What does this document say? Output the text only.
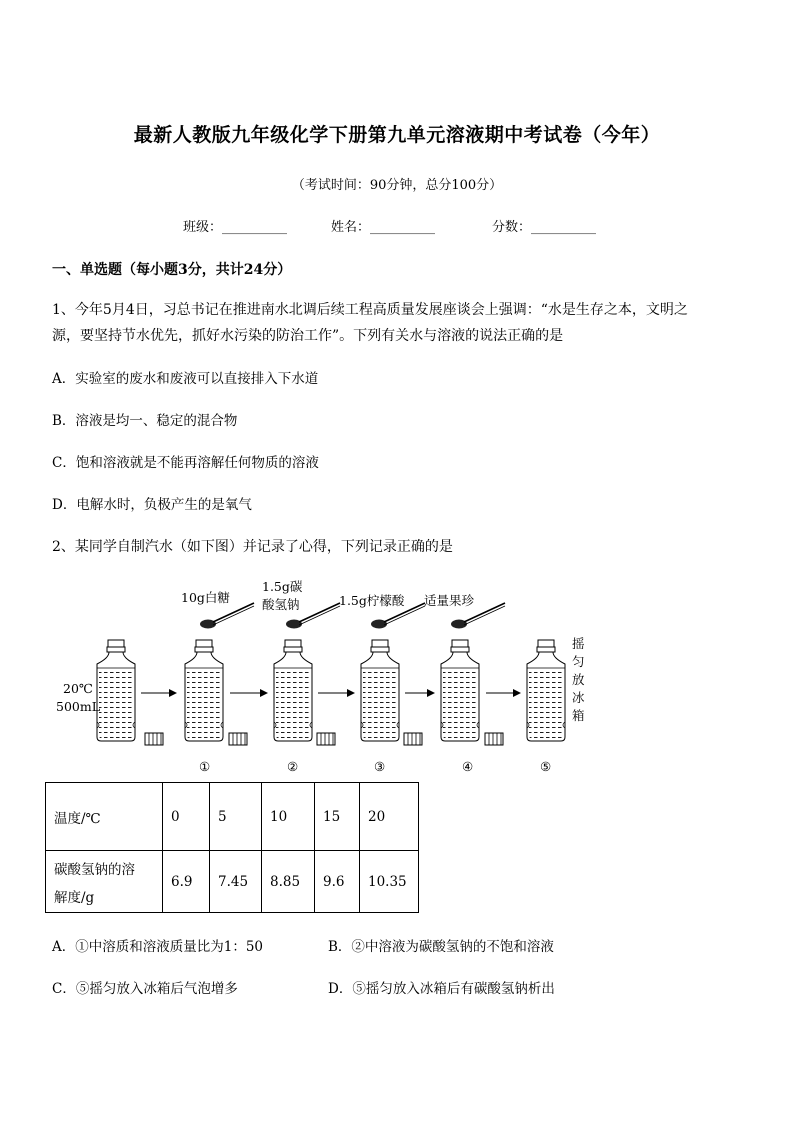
最新人教版九年级化学下册第九单元溶液期中考试卷（今年）
（考试时间：90分钟，总分100分）
班级：__________	姓名：__________	分数：__________
一、单选题（每小题3分，共计24分）
1、今年5月4日，习总书记在推进南水北调后续工程高质量发展座谈会上强调：“水是生存之本，文明之
源，要坚持节水优先，抓好水污染的防治工作”。下列有关水与溶液的说法正确的是
A．实验室的废水和废液可以直接排入下水道
B．溶液是均一、稳定的混合物
C．饱和溶液就是不能再溶解任何物质的溶液
D．电解水时，负极产生的是氧气
2、某同学自制汽水（如下图）并记录了心得，下列记录正确的是
20℃
500mL
10g白糖
1.5g碳
酸氢钠	1.5g柠檬酸 适量果珍
摇
匀
放
冰
箱
①	②	③	④	⑤
温度/℃	0	5	10	15	20

碳酸氢钠的溶
解度/g	6.9	7.45	8.85	9.6	10.35
A．①中溶质和溶液质量比为1：50	B．②中溶液为碳酸氢钠的不饱和溶液
C．⑤摇匀放入冰箱后气泡增多	D．⑤摇匀放入冰箱后有碳酸氢钠析出
